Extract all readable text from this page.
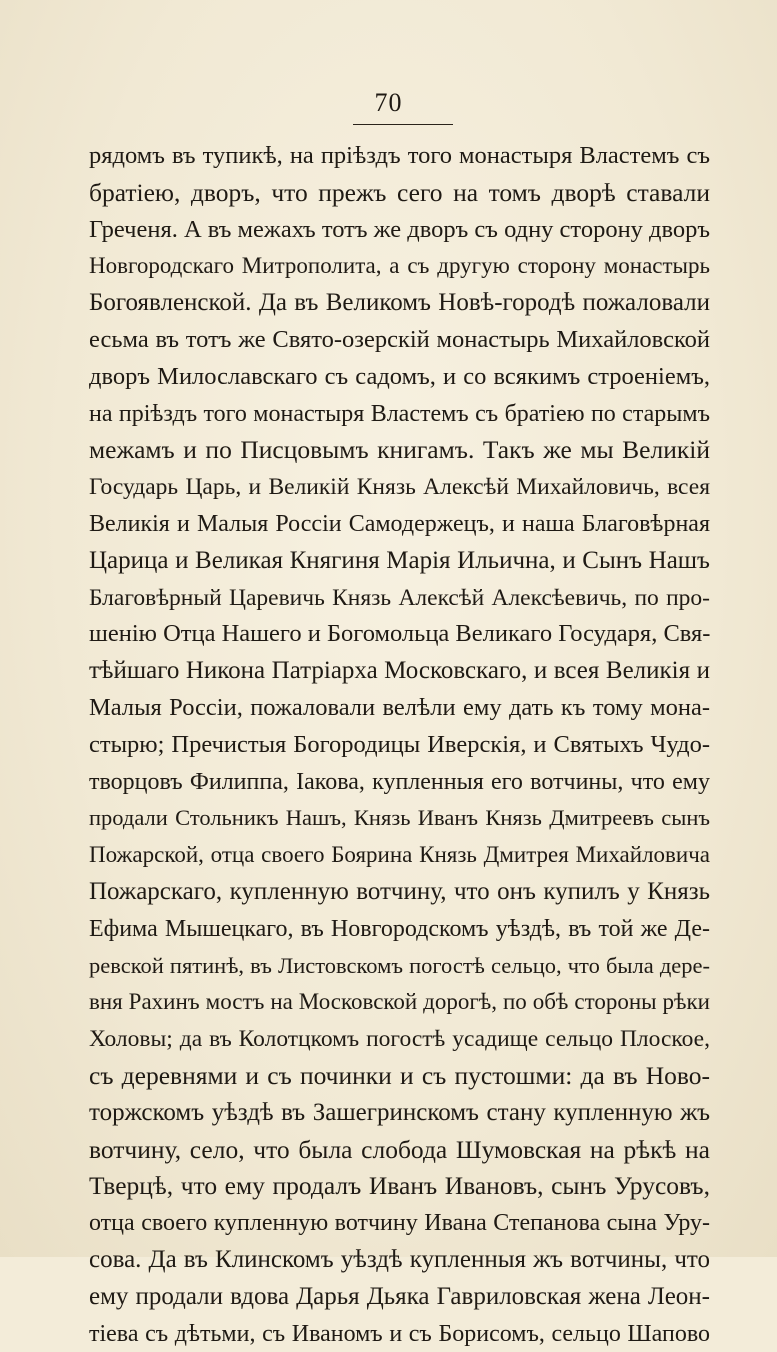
70
рядомъ въ тупикѣ, на пріѣздъ того монастыря Властемъ съ
братіею, дворъ, что прежъ сего на томъ дворѣ ставали
Греченя. А въ межахъ тотъ же дворъ съ одну сторону дворъ
Новгородскаго Митрополита, а съ другую сторону монастырь
Богоявленской. Да въ Великомъ Новѣ-городѣ пожаловали
есьма въ тотъ же Свято-озерскій монастырь Михайловской
дворъ Милославскаго съ садомъ, и со всякимъ строеніемъ,
на пріѣздъ того монастыря Властемъ съ братіею по старымъ
межамъ и по Писцовымъ книгамъ. Такъ же мы Великій
Государь Царь, и Великій Князь Алексѣй Михайловичь, всея
Великія и Малыя Россіи Самодержецъ, и наша Благовѣрная
Царица и Великая Княгиня Марія Ильична, и Сынъ Нашъ
Благовѣрный Царевичь Князь Алексѣй Алексѣевичь, по про-
шенію Отца Нашего и Богомольца Великаго Государя, Свя-
тѣйшаго Никона Патріарха Московскаго, и всея Великія и
Малыя Россіи, пожаловали велѣли ему дать къ тому мона-
стырю; Пречистыя Богородицы Иверскія, и Святыхъ Чудо-
творцовъ Филиппа, Іакова, купленныя его вотчины, что ему
продали Стольникъ Нашъ, Князь Иванъ Князь Дмитреевъ сынъ
Пожарской, отца своего Боярина Князь Дмитрея Михайловича
Пожарскаго, купленную вотчину, что онъ купилъ у Князь
Ефима Мышецкаго, въ Новгородскомъ уѣздѣ, въ той же Де-
ревской пятинѣ, въ Листовскомъ погостѣ сельцо, что была дере-
вня Рахинъ мостъ на Московской дорогѣ, по обѣ стороны рѣки
Холовы; да въ Колотцкомъ погостѣ усадище сельцо Плоское,
съ деревнями и съ починки и съ пустошми: да въ Ново-
торжскомъ уѣздѣ въ Зашегринскомъ стану купленную жъ
вотчину, село, что была слобода Шумовская на рѣкѣ на
Тверцѣ, что ему продалъ Иванъ Ивановъ, сынъ Урусовъ,
отца своего купленную вотчину Ивана Степанова сына Уру-
сова. Да въ Клинскомъ уѣздѣ купленныя жъ вотчины, что
ему продали вдова Дарья Дьяка Гавриловская жена Леон-
тіева съ дѣтьми, съ Иваномъ и съ Борисомъ, сельцо Шапово
